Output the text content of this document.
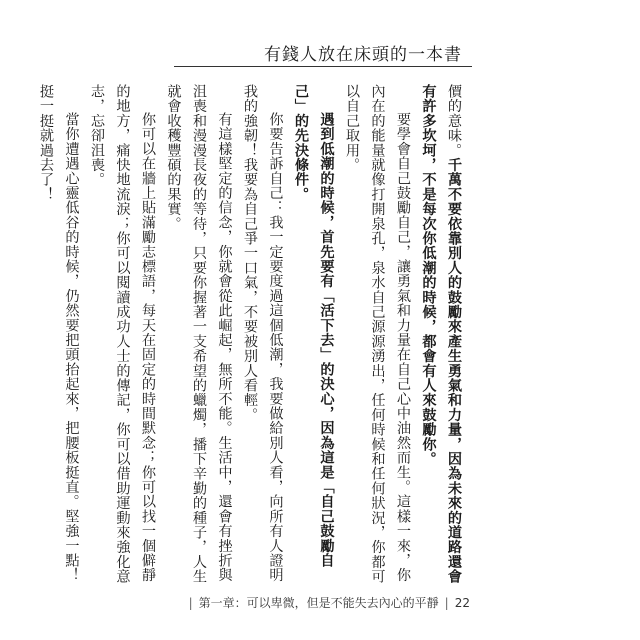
有錢人放在床頭的一本書

價的意味。千萬不要依靠別人的鼓勵來產生勇氣和力量，因為未來的道路還會有許多坎坷，不是每次你低潮的時候，都會有人來鼓勵你。

要學會自己鼓勵自己，讓勇氣和力量在自己心中油然而生。這樣一來，你內在的能量就像打開泉孔，泉水自己源源湧出，任何時候和任何狀況，你都可以自己取用。

遇到低潮的時候，首先要有「活下去」的決心，因為這是「自己鼓勵自己」的先決條件。

你要告訴自己：我一定要度過這個低潮，我要做給別人看，向所有人證明我的強韌！我要為自己爭一口氣，不要被別人看輕。

有這樣堅定的信念，你就會從此崛起，無所不能。生活中，還會有挫折與沮喪和漫漫長夜的等待，只要你握著一支希望的蠟燭，播下辛勤的種子，人生就會收穫豐碩的果實。

你可以在牆上貼滿勵志標語，每天在固定的時間默念；你可以找一個僻靜的地方，痛快地流淚；你可以閱讀成功人士的傳記，你可以借助運動來強化意志，忘卻沮喪。

當你遭遇心靈低谷的時候，仍然要把頭抬起來，把腰板挺直。堅強一點！挺一挺就過去了！

| 第一章：可以卑微，但是不能失去內心的平靜 | 22
